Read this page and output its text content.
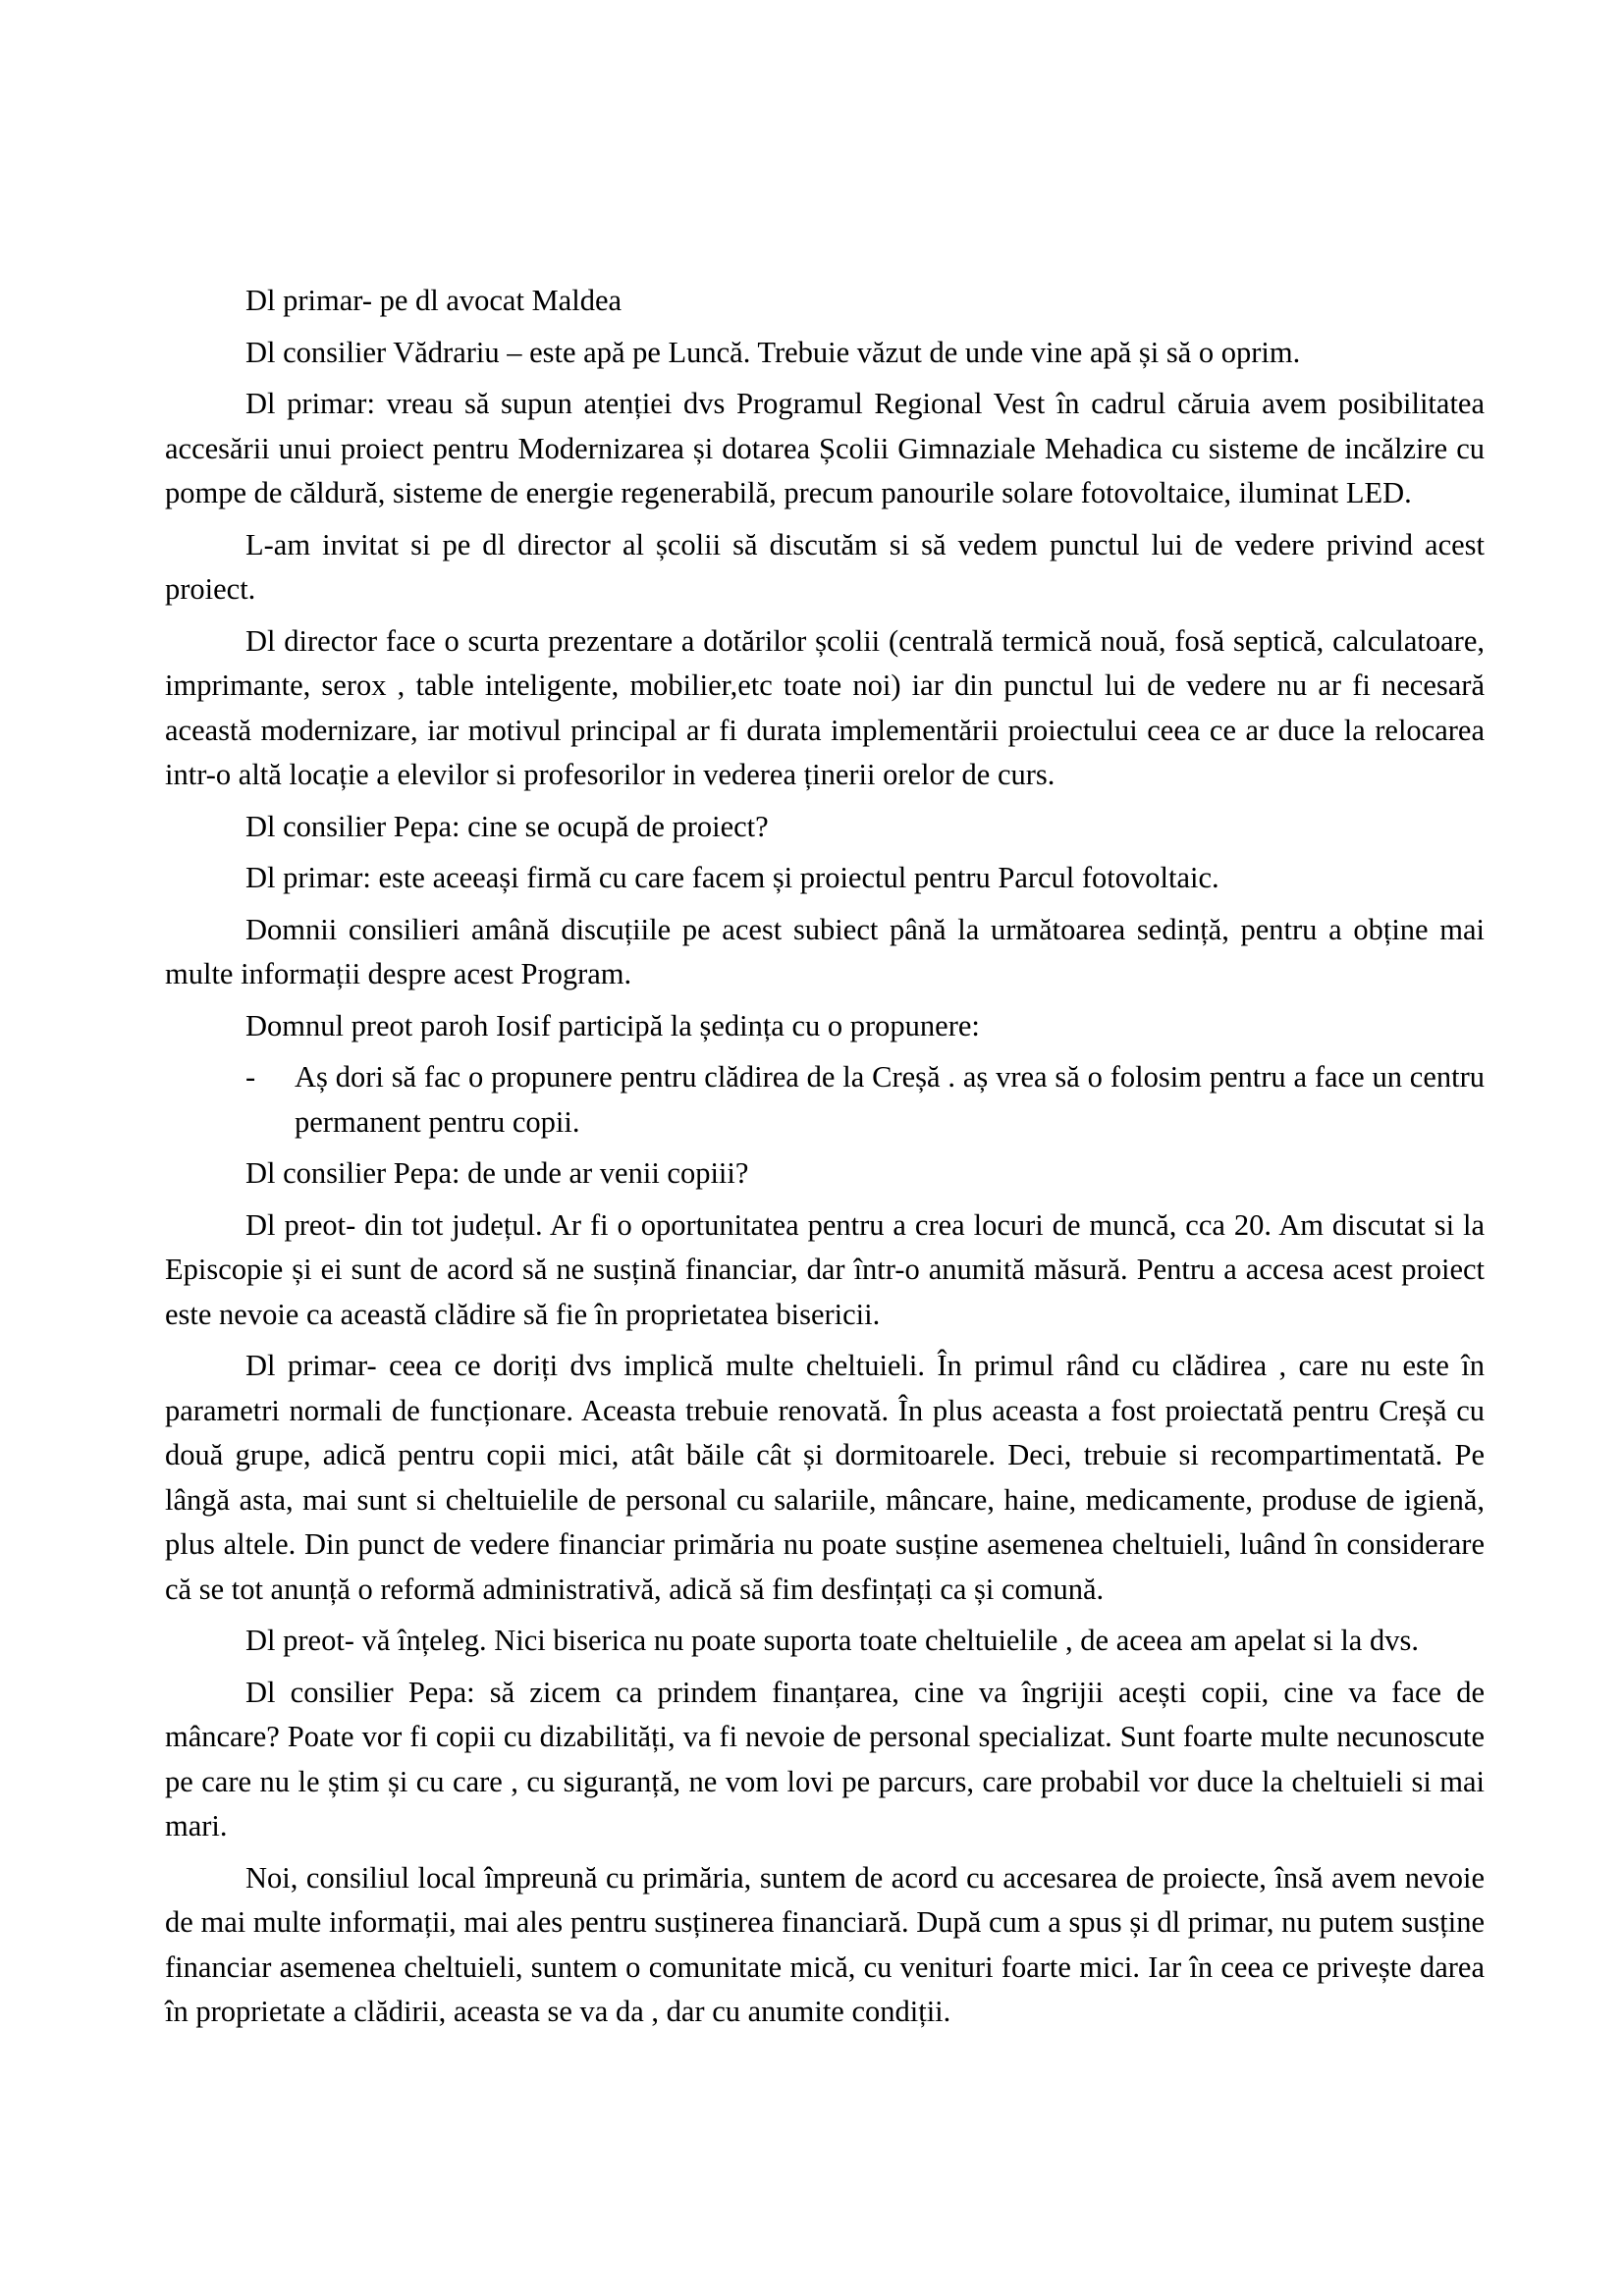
Dl primar- pe dl avocat Maldea

Dl consilier Vădrariu – este apă pe Luncă. Trebuie văzut de unde vine apă și să o oprim.

Dl primar: vreau să supun atenției dvs Programul Regional Vest în cadrul căruia avem posibilitatea accesării unui proiect pentru Modernizarea și dotarea Școlii Gimnaziale Mehadica cu sisteme de incălzire cu pompe de căldură, sisteme de energie regenerabilă, precum panourile solare fotovoltaice, iluminat LED.

L-am invitat si pe dl director al școlii să discutăm si să vedem punctul lui de vedere privind acest proiect.

Dl director face o scurta prezentare a dotărilor școlii (centrală termică nouă, fosă septică, calculatoare, imprimante, serox , table inteligente, mobilier,etc toate noi) iar din punctul lui de vedere nu ar fi necesară această modernizare, iar motivul principal ar fi durata implementării proiectului ceea ce ar duce la relocarea intr-o altă locație a elevilor si profesorilor in vederea ținerii orelor de curs.

Dl consilier Pepa: cine se ocupă de proiect?

Dl primar: este aceeași firmă cu care facem și proiectul pentru Parcul fotovoltaic.

Domnii consilieri amână discuțiile pe acest subiect până la următoarea sedință, pentru a obține mai multe informații despre acest Program.

Domnul preot paroh Iosif participă la ședința cu o propunere:

-	Aș dori să fac o propunere pentru clădirea de la Creșă . aș vrea să o folosim pentru a face un centru permanent pentru copii.

Dl consilier Pepa: de unde ar venii copiii?

Dl preot- din tot județul. Ar fi o oportunitatea pentru a crea locuri de muncă, cca 20. Am discutat si la Episcopie și ei sunt de acord să ne susțină financiar, dar într-o anumită măsură. Pentru a accesa acest proiect este nevoie ca această clădire să fie în proprietatea bisericii.

Dl primar- ceea ce doriți dvs implică multe cheltuieli. În primul rând cu clădirea , care nu este în parametri normali de funcționare. Aceasta trebuie renovată. În plus aceasta a fost proiectată pentru Creșă cu două grupe, adică pentru copii mici, atât băile cât și dormitoarele. Deci, trebuie si recompartimentată. Pe lângă asta, mai sunt si cheltuielile de personal cu salariile, mâncare, haine, medicamente, produse de igienă, plus altele. Din punct de vedere financiar primăria nu poate susține asemenea cheltuieli, luând în considerare că se tot anunță o reformă administrativă, adică să fim desfințați ca și comună.

Dl preot- vă înțeleg. Nici biserica nu poate suporta toate cheltuielile , de aceea am apelat si la dvs.

Dl consilier Pepa: să zicem ca prindem finanțarea, cine va îngrijii acești copii, cine va face de mâncare? Poate vor fi copii cu dizabilități, va fi nevoie de personal specializat. Sunt foarte multe necunoscute pe care nu le știm și cu care , cu siguranță, ne vom lovi pe parcurs, care probabil vor duce la cheltuieli si mai mari.

Noi, consiliul local împreună cu primăria, suntem de acord cu accesarea de proiecte, însă avem nevoie de mai multe informații, mai ales pentru susținerea financiară. După cum a spus și dl primar, nu putem susține financiar asemenea cheltuieli, suntem o comunitate mică, cu venituri foarte mici. Iar în ceea ce privește darea în proprietate a clădirii, aceasta se va da , dar cu anumite condiții.
